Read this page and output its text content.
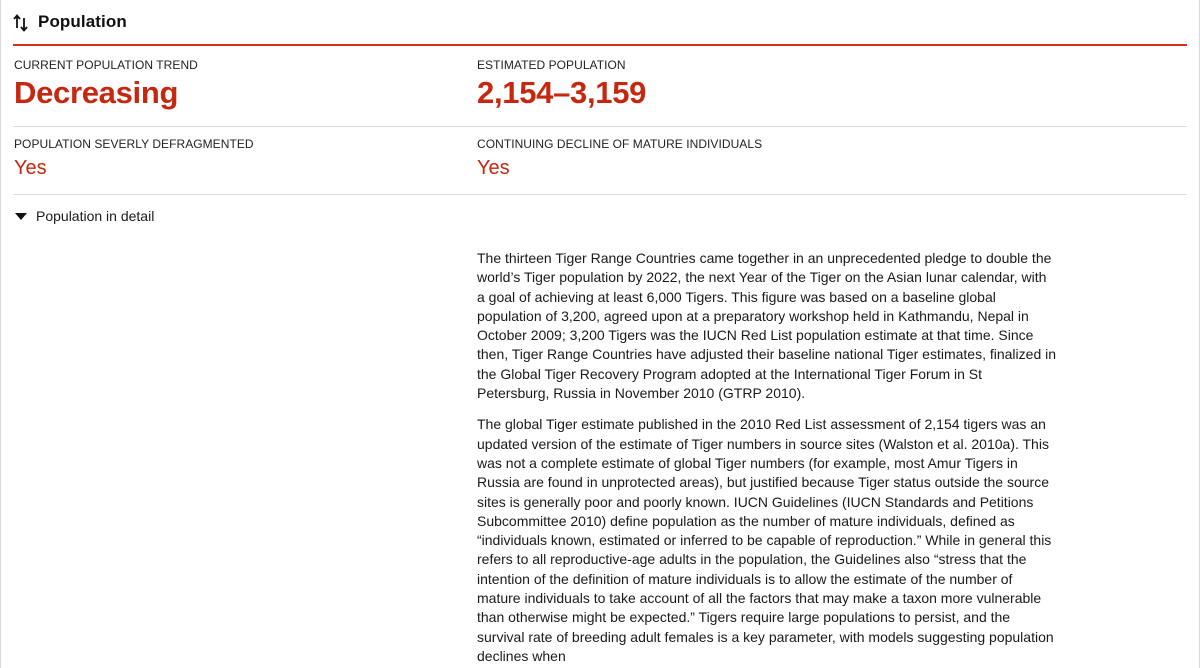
Population
CURRENT POPULATION TREND
Decreasing
ESTIMATED POPULATION
2,154–3,159
POPULATION SEVERLY DEFRAGMENTED
Yes
CONTINUING DECLINE OF MATURE INDIVIDUALS
Yes
Population in detail

The thirteen Tiger Range Countries came together in an unprecedented pledge to double the world’s Tiger population by 2022, the next Year of the Tiger on the Asian lunar calendar, with a goal of achieving at least 6,000 Tigers. This figure was based on a baseline global population of 3,200, agreed upon at a preparatory workshop held in Kathmandu, Nepal in October 2009; 3,200 Tigers was the IUCN Red List population estimate at that time. Since then, Tiger Range Countries have adjusted their baseline national Tiger estimates, finalized in the Global Tiger Recovery Program adopted at the International Tiger Forum in St Petersburg, Russia in November 2010 (GTRP 2010).

The global Tiger estimate published in the 2010 Red List assessment of 2,154 tigers was an updated version of the estimate of Tiger numbers in source sites (Walston et al. 2010a). This was not a complete estimate of global Tiger numbers (for example, most Amur Tigers in Russia are found in unprotected areas), but justified because Tiger status outside the source sites is generally poor and poorly known. IUCN Guidelines (IUCN Standards and Petitions Subcommittee 2010) define population as the number of mature individuals, defined as “individuals known, estimated or inferred to be capable of reproduction.” While in general this refers to all reproductive-age adults in the population, the Guidelines also “stress that the intention of the definition of mature individuals is to allow the estimate of the number of mature individuals to take account of all the factors that may make a taxon more vulnerable than otherwise might be expected.” Tigers require large populations to persist, and the survival rate of breeding adult females is a key parameter, with models suggesting population declines when
